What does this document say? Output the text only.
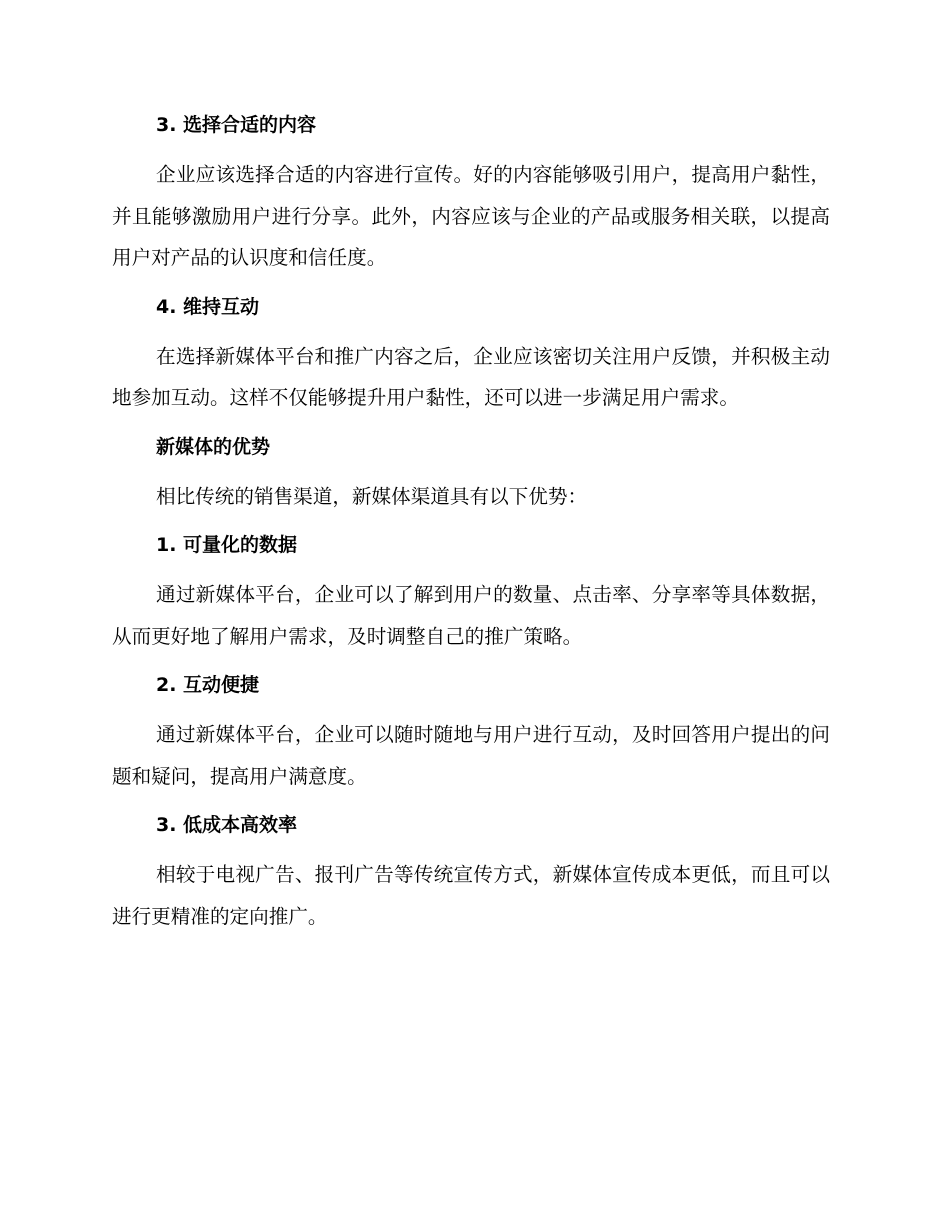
3. 选择合适的内容
企业应该选择合适的内容进行宣传。好的内容能够吸引用户，提高用户黏性，并且能够激励用户进行分享。此外，内容应该与企业的产品或服务相关联，以提高用户对产品的认识度和信任度。
4. 维持互动
在选择新媒体平台和推广内容之后，企业应该密切关注用户反馈，并积极主动地参加互动。这样不仅能够提升用户黏性，还可以进一步满足用户需求。
新媒体的优势
相比传统的销售渠道，新媒体渠道具有以下优势：
1. 可量化的数据
通过新媒体平台，企业可以了解到用户的数量、点击率、分享率等具体数据，从而更好地了解用户需求，及时调整自己的推广策略。
2. 互动便捷
通过新媒体平台，企业可以随时随地与用户进行互动，及时回答用户提出的问题和疑问，提高用户满意度。
3. 低成本高效率
相较于电视广告、报刊广告等传统宣传方式，新媒体宣传成本更低，而且可以进行更精准的定向推广。
